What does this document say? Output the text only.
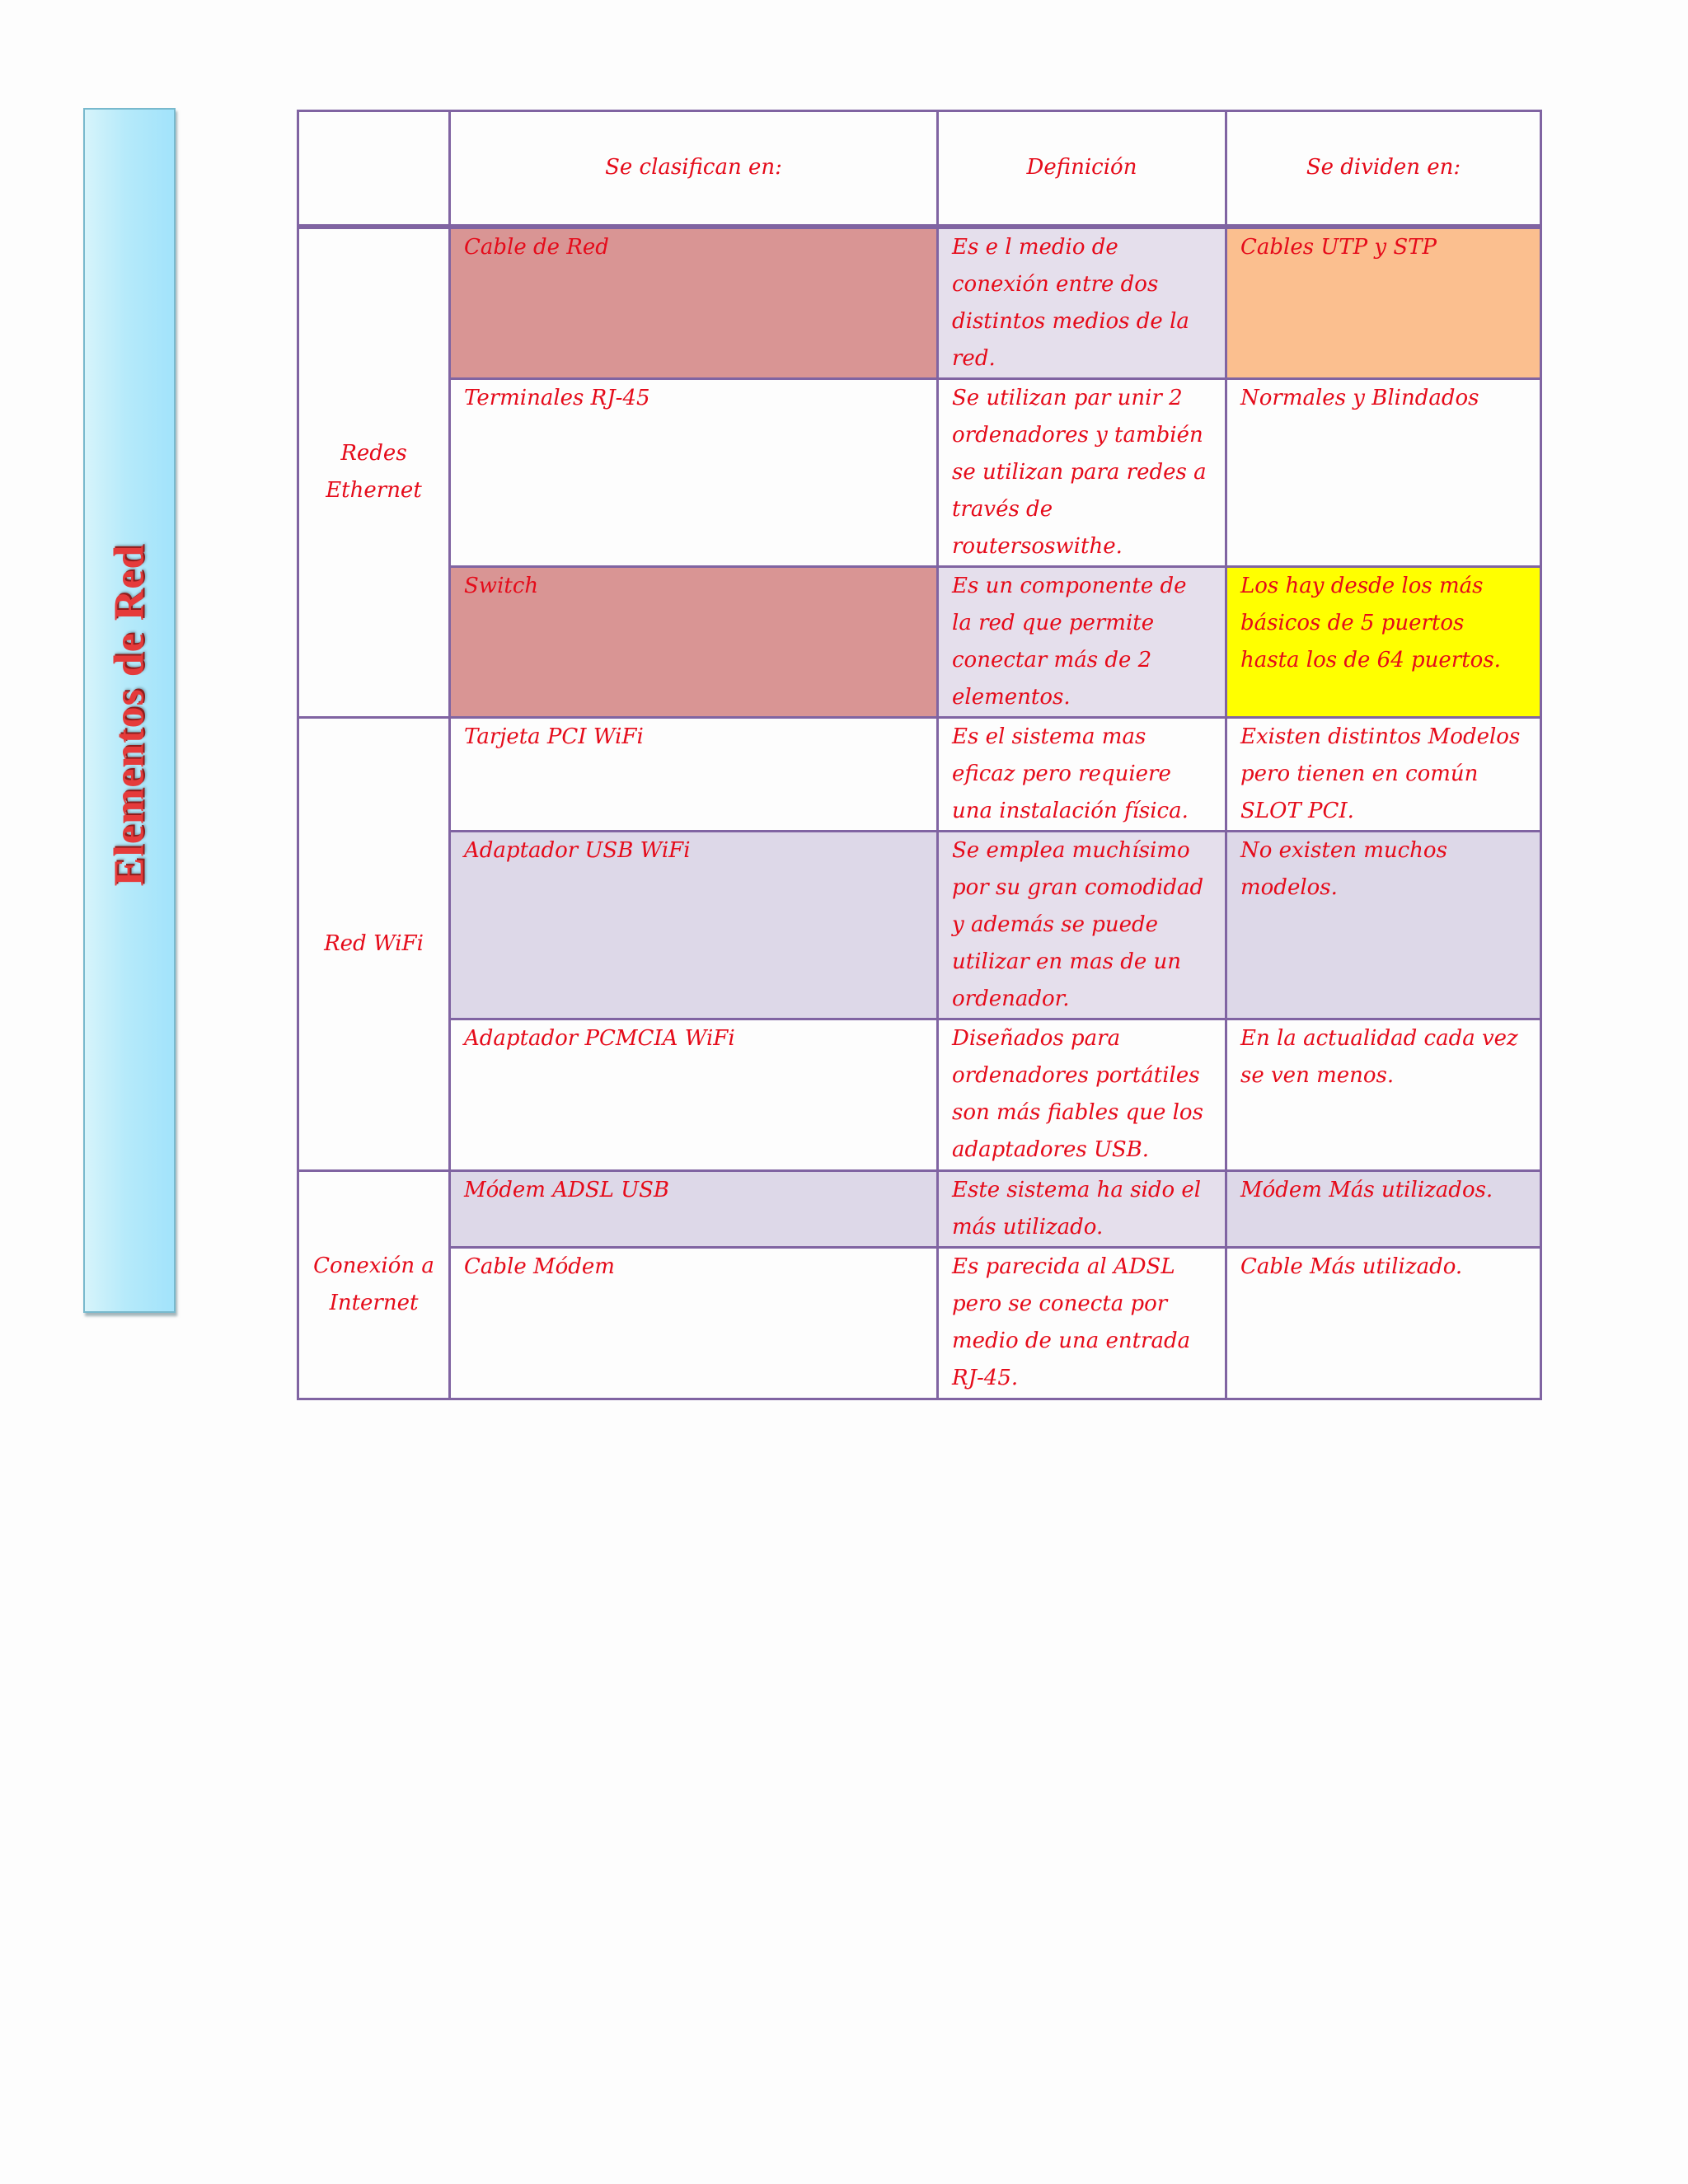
Elementos de Red
	Se clasifican en:	Definición	Se dividen en:
Redes Ethernet	Cable de Red	Es e l medio de conexión entre dos distintos medios de la red.	Cables UTP y STP
	Terminales RJ-45	Se utilizan par unir 2 ordenadores y también se utilizan para redes a través de routersoswithe.	Normales y Blindados
	Switch	Es un componente de la red que permite conectar más de 2 elementos.	Los hay desde los más básicos de 5 puertos hasta los de 64 puertos.
Red WiFi	Tarjeta PCI WiFi	Es el sistema mas eficaz pero requiere una instalación física.	Existen distintos Modelos pero tienen en común SLOT PCI.
	Adaptador USB WiFi	Se emplea muchísimo por su gran comodidad y además se puede utilizar en mas de un ordenador.	No existen muchos modelos.
	Adaptador PCMCIA WiFi	Diseñados para ordenadores portátiles son más fiables que los adaptadores USB.	En la actualidad cada vez se ven menos.
Conexión a Internet	Módem ADSL USB	Este sistema ha sido el más utilizado.	Módem Más utilizados.
	Cable Módem	Es parecida al ADSL pero se conecta por medio de una entrada RJ-45.	Cable Más utilizado.
